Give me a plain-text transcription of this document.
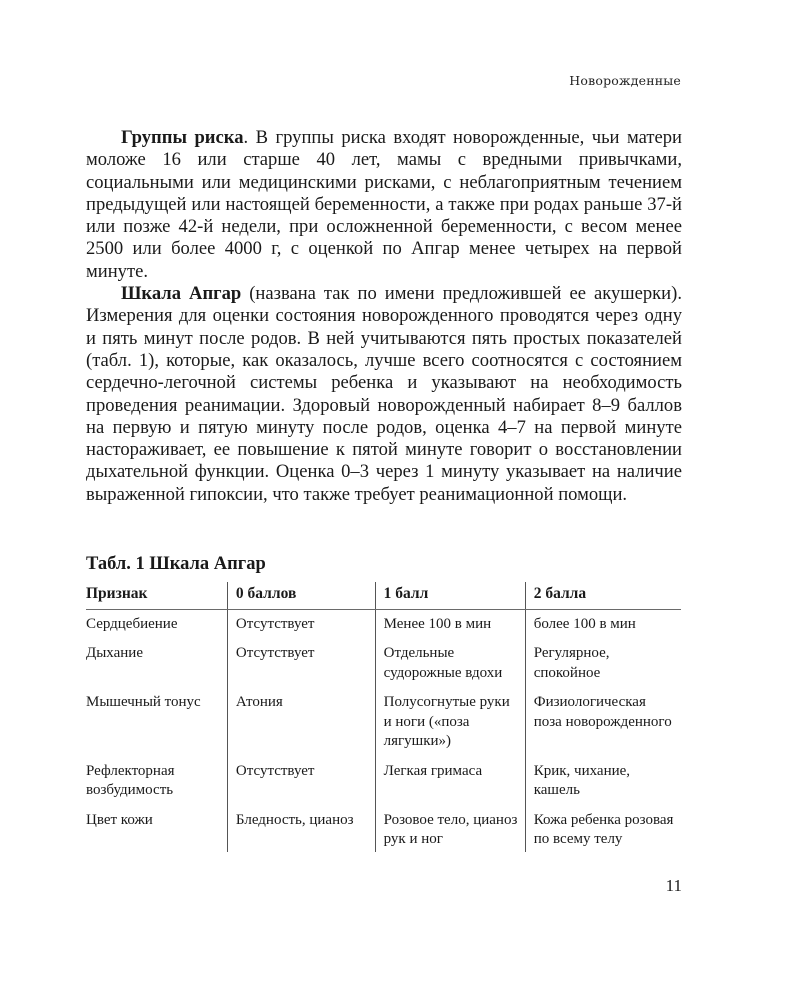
Новорожденные

Группы риска. В группы риска входят новорожденные, чьи матери моложе 16 или старше 40 лет, мамы с вредными привычками, социальными или медицинскими рисками, с неблагоприятным течением предыдущей или настоящей беременности, а также при родах раньше 37-й или позже 42-й недели, при осложненной беременности, с весом менее 2500 или более 4000 г, с оценкой по Апгар менее четырех на первой минуте.

Шкала Апгар (названа так по имени предложившей ее акушерки). Измерения для оценки состояния новорожденного проводятся через одну и пять минут после родов. В ней учитываются пять простых показателей (табл. 1), которые, как оказалось, лучше всего соотносятся с состоянием сердечно-легочной системы ребенка и указывают на необходимость проведения реанимации. Здоровый новорожденный набирает 8–9 баллов на первую и пятую минуту после родов, оценка 4–7 на первой минуте настораживает, ее повышение к пятой минуте говорит о восстановлении дыхательной функции. Оценка 0–3 через 1 минуту указывает на наличие выраженной гипоксии, что также требует реанимационной помощи.

Табл. 1 Шкала Апгар
Признак	0 баллов	1 балл	2 балла
Сердцебиение	Отсутствует	Менее 100 в мин	более 100 в мин
Дыхание	Отсутствует	Отдельные судорожные вдохи	Регулярное, спокойное
Мышечный тонус	Атония	Полусогнутые руки и ноги («поза лягушки»)	Физиологическая поза новорожденного
Рефлекторная возбудимость	Отсутствует	Легкая гримаса	Крик, чихание, кашель
Цвет кожи	Бледность, цианоз	Розовое тело, цианоз рук и ног	Кожа ребенка розовая по всему телу
11
